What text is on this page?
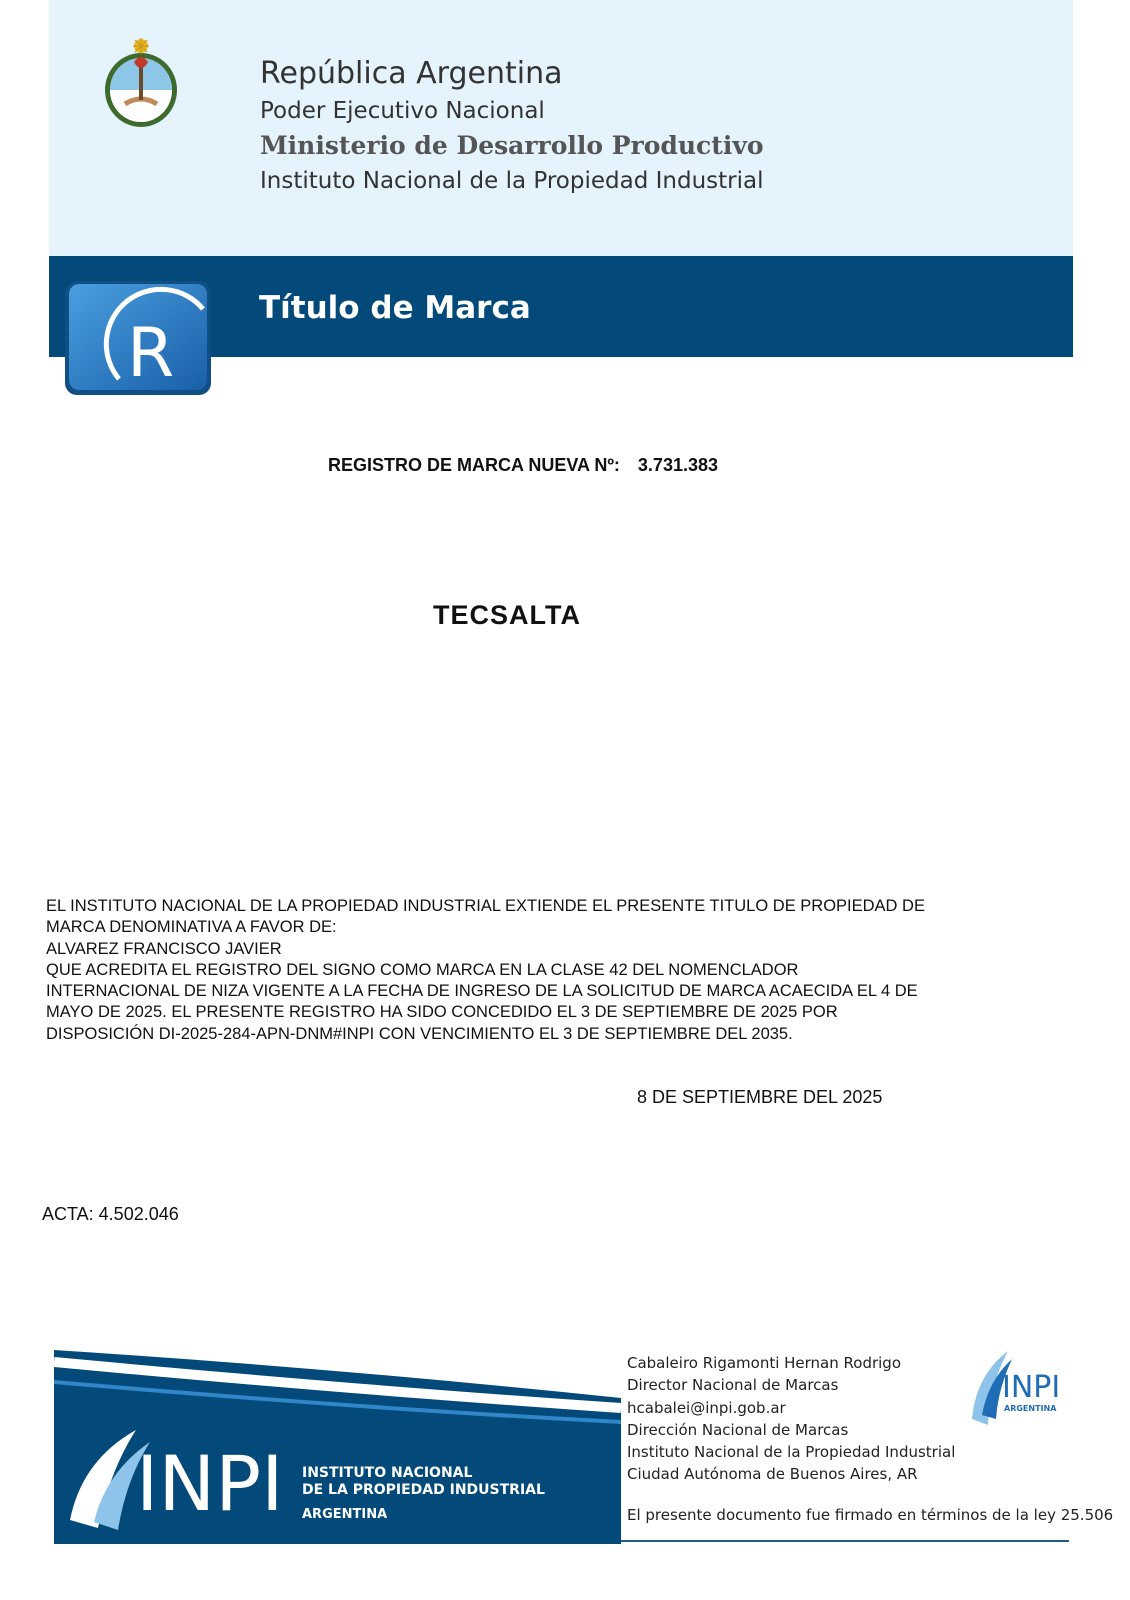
República Argentina
Poder Ejecutivo Nacional
Ministerio de Desarrollo Productivo
Instituto Nacional de la Propiedad Industrial
Título de Marca
R
REGISTRO DE MARCA NUEVA Nº: 3.731.383
TECSALTA
EL INSTITUTO NACIONAL DE LA PROPIEDAD INDUSTRIAL EXTIENDE EL PRESENTE TITULO DE PROPIEDAD DE
MARCA DENOMINATIVA A FAVOR DE:
ALVAREZ FRANCISCO JAVIER
QUE ACREDITA EL REGISTRO DEL SIGNO COMO MARCA EN LA CLASE 42 DEL NOMENCLADOR
INTERNACIONAL DE NIZA VIGENTE A LA FECHA DE INGRESO DE LA SOLICITUD DE MARCA ACAECIDA EL 4 DE
MAYO DE 2025. EL PRESENTE REGISTRO HA SIDO CONCEDIDO EL 3 DE SEPTIEMBRE DE 2025 POR
DISPOSICIÓN DI-2025-284-APN-DNM#INPI CON VENCIMIENTO EL 3 DE SEPTIEMBRE DEL 2035.
8 DE SEPTIEMBRE DEL 2025
ACTA: 4.502.046
INPI INSTITUTO NACIONAL
DE LA PROPIEDAD INDUSTRIAL
ARGENTINA
Cabaleiro Rigamonti Hernan Rodrigo
Director Nacional de Marcas
hcabalei@inpi.gob.ar
Dirección Nacional de Marcas
Instituto Nacional de la Propiedad Industrial
Ciudad Autónoma de Buenos Aires, AR
El presente documento fue firmado en términos de la ley 25.506
INPI
ARGENTINA
